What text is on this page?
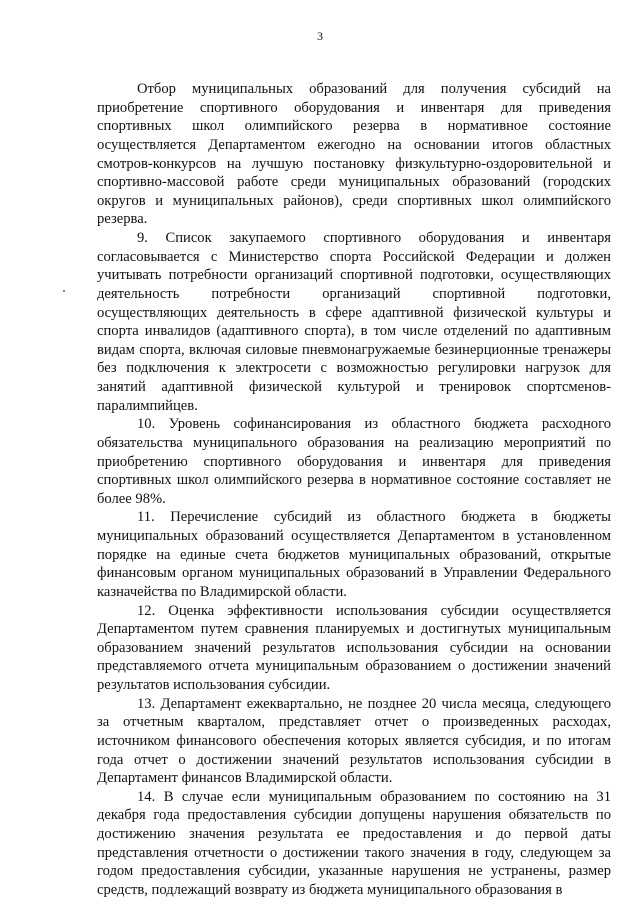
3

Отбор муниципальных образований для получения субсидий на приобретение спортивного оборудования и инвентаря для приведения спортивных школ олимпийского резерва в нормативное состояние осуществляется Департаментом ежегодно на основании итогов областных смотров-конкурсов на лучшую постановку физкультурно-оздоровительной и спортивно-массовой работе среди муниципальных образований (городских округов и муниципальных районов), среди спортивных школ олимпийского резерва.

9. Список закупаемого спортивного оборудования и инвентаря согласовывается с Министерство спорта Российской Федерации и должен учитывать потребности организаций спортивной подготовки, осуществляющих деятельность потребности организаций спортивной подготовки, осуществляющих деятельность в сфере адаптивной физической культуры и спорта инвалидов (адаптивного спорта), в том числе отделений по адаптивным видам спорта, включая силовые пневмонагружаемые безинерционные тренажеры без подключения к электросети с возможностью регулировки нагрузок для занятий адаптивной физической культурой и тренировок спортсменов-паралимпийцев.

10. Уровень софинансирования из областного бюджета расходного обязательства муниципального образования на реализацию мероприятий по приобретению спортивного оборудования и инвентаря для приведения спортивных школ олимпийского резерва в нормативное состояние составляет не более 98%.

11. Перечисление субсидий из областного бюджета в бюджеты муниципальных образований осуществляется Департаментом в установленном порядке на единые счета бюджетов муниципальных образований, открытые финансовым органом муниципальных образований в Управлении Федерального казначейства по Владимирской области.

12. Оценка эффективности использования субсидии осуществляется Департаментом путем сравнения планируемых и достигнутых муниципальным образованием значений результатов использования субсидии на основании представляемого отчета муниципальным образованием о достижении значений результатов использования субсидии.

13. Департамент ежеквартально, не позднее 20 числа месяца, следующего за отчетным кварталом, представляет отчет о произведенных расходах, источником финансового обеспечения которых является субсидия, и по итогам года отчет о достижении значений результатов использования субсидии в Департамент финансов Владимирской области.

14. В случае если муниципальным образованием по состоянию на 31 декабря года предоставления субсидии допущены нарушения обязательств по достижению значения результата ее предоставления и до первой даты представления отчетности о достижении такого значения в году, следующем за годом предоставления субсидии, указанные нарушения не устранены, размер средств, подлежащий возврату из бюджета муниципального образования в
